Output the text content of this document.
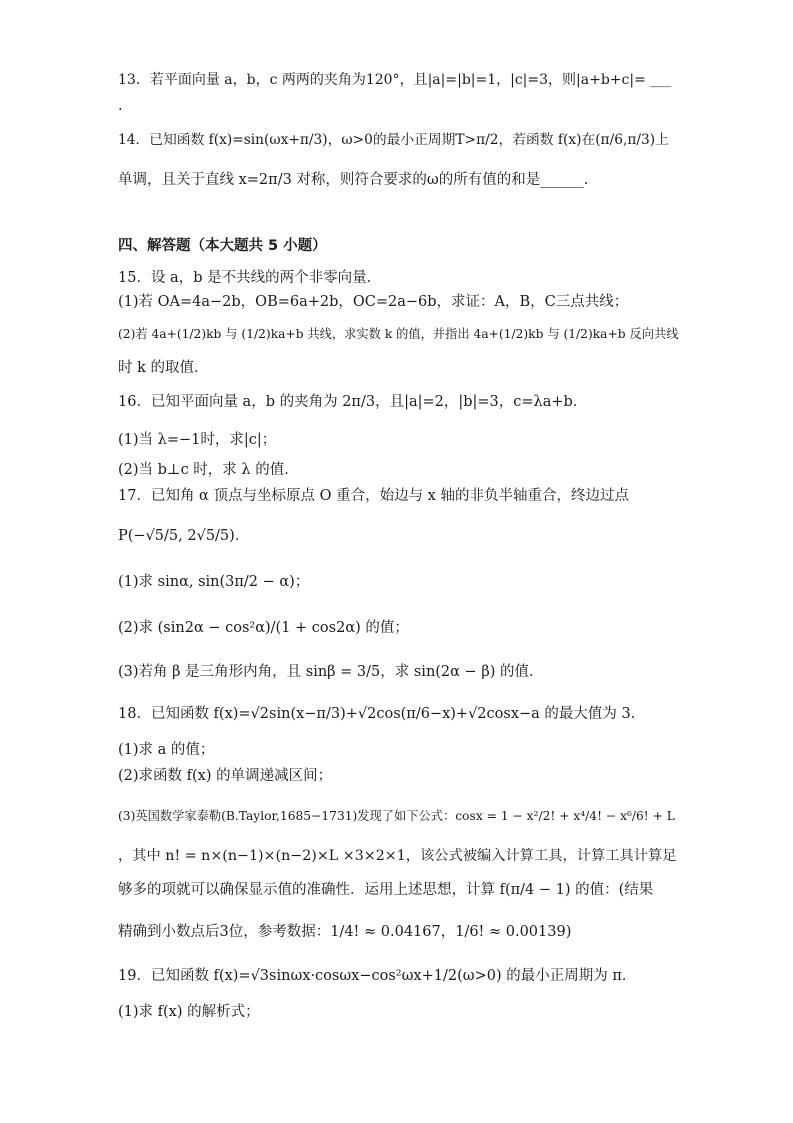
13．若平面向量 a，b，c 两两的夹角为120°，且|a|=|b|=1，|c|=3，则|a+b+c|= ___
.
14．已知函数 f(x)=sin(ωx+π/3)，ω>0的最小正周期T>π/2，若函数 f(x)在(π/6,π/3)上
单调，且关于直线 x=2π/3 对称，则符合要求的ω的所有值的和是______.
四、解答题（本大题共 5 小题）
15．设 a，b 是不共线的两个非零向量．
(1)若 OA=4a−2b，OB=6a+2b，OC=2a−6b，求证：A，B，C三点共线；
(2)若 4a+(1/2)kb 与 (1/2)ka+b 共线，求实数 k 的值，并指出 4a+(1/2)kb 与 (1/2)ka+b 反向共线
时 k 的取值．
16．已知平面向量 a，b 的夹角为 2π/3，且|a|=2，|b|=3，c=λa+b．
(1)当 λ=−1时，求|c|；
(2)当 b⊥c 时，求 λ 的值．
17．已知角 α 顶点与坐标原点 O 重合，始边与 x 轴的非负半轴重合，终边过点
P(−√5/5, 2√5/5)．
(1)求 sinα, sin(3π/2 − α)；
(2)求 (sin2α − cos²α)/(1 + cos2α) 的值；
(3)若角 β 是三角形内角，且 sinβ = 3/5，求 sin(2α − β) 的值．
18．已知函数 f(x)=√2sin(x−π/3)+√2cos(π/6−x)+√2cosx−a 的最大值为 3．
(1)求 a 的值；
(2)求函数 f(x) 的单调递减区间；
(3)英国数学家泰勒(B.Taylor,1685−1731)发现了如下公式：cosx = 1 − x²/2! + x⁴/4! − x⁶/6! + L
，其中 n! = n×(n−1)×(n−2)×L ×3×2×1，该公式被编入计算工具，计算工具计算足
够多的项就可以确保显示值的准确性．运用上述思想，计算 f(π/4 − 1) 的值：(结果
精确到小数点后3位，参考数据：1/4! ≈ 0.04167，1/6! ≈ 0.00139)
19．已知函数 f(x)=√3sinωx·cosωx−cos²ωx+1/2(ω>0) 的最小正周期为 π．
(1)求 f(x) 的解析式；
